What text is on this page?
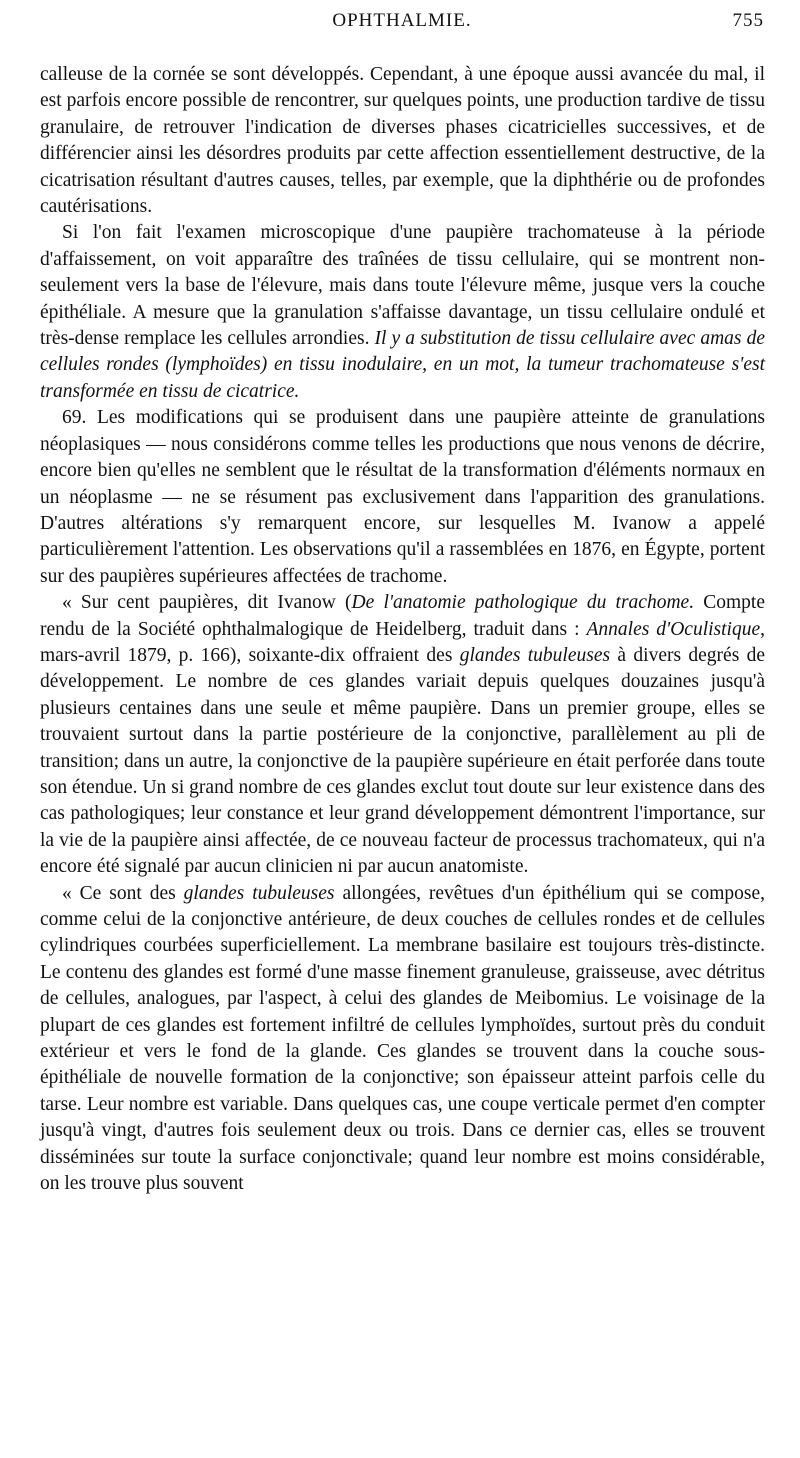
OPHTHALMIE.	755

calleuse de la cornée se sont développés. Cependant, à une époque aussi avancée du mal, il est parfois encore possible de rencontrer, sur quelques points, une production tardive de tissu granulaire, de retrouver l'indication de diverses phases cicatricielles successives, et de différencier ainsi les désordres produits par cette affection essentiellement destructive, de la cicatrisation résultant d'autres causes, telles, par exemple, que la diphthérie ou de profondes cautérisations.

Si l'on fait l'examen microscopique d'une paupière trachomateuse à la période d'affaissement, on voit apparaître des traînées de tissu cellulaire, qui se montrent non-seulement vers la base de l'élevure, mais dans toute l'élevure même, jusque vers la couche épithéliale. A mesure que la granulation s'affaisse davantage, un tissu cellulaire ondulé et très-dense remplace les cellules arrondies. Il y a substitution de tissu cellulaire avec amas de cellules rondes (lymphoïdes) en tissu inodulaire, en un mot, la tumeur trachomateuse s'est transformée en tissu de cicatrice.

69. Les modifications qui se produisent dans une paupière atteinte de granulations néoplasiques — nous considérons comme telles les productions que nous venons de décrire, encore bien qu'elles ne semblent que le résultat de la transformation d'éléments normaux en un néoplasme — ne se résument pas exclusivement dans l'apparition des granulations. D'autres altérations s'y remarquent encore, sur lesquelles M. Ivanow a appelé particulièrement l'attention. Les observations qu'il a rassemblées en 1876, en Égypte, portent sur des paupières supérieures affectées de trachome.

« Sur cent paupières, dit Ivanow (De l'anatomie pathologique du trachome. Compte rendu de la Société ophthalmalogique de Heidelberg, traduit dans : Annales d'Oculistique, mars-avril 1879, p. 166), soixante-dix offraient des glandes tubuleuses à divers degrés de développement. Le nombre de ces glandes variait depuis quelques douzaines jusqu'à plusieurs centaines dans une seule et même paupière. Dans un premier groupe, elles se trouvaient surtout dans la partie postérieure de la conjonctive, parallèlement au pli de transition; dans un autre, la conjonctive de la paupière supérieure en était perforée dans toute son étendue. Un si grand nombre de ces glandes exclut tout doute sur leur existence dans des cas pathologiques; leur constance et leur grand développement démontrent l'importance, sur la vie de la paupière ainsi affectée, de ce nouveau facteur de processus trachomateux, qui n'a encore été signalé par aucun clinicien ni par aucun anatomiste.

« Ce sont des glandes tubuleuses allongées, revêtues d'un épithélium qui se compose, comme celui de la conjonctive antérieure, de deux couches de cellules rondes et de cellules cylindriques courbées superficiellement. La membrane basilaire est toujours très-distincte. Le contenu des glandes est formé d'une masse finement granuleuse, graisseuse, avec détritus de cellules, analogues, par l'aspect, à celui des glandes de Meibomius. Le voisinage de la plupart de ces glandes est fortement infiltré de cellules lymphoïdes, surtout près du conduit extérieur et vers le fond de la glande. Ces glandes se trouvent dans la couche sous-épithéliale de nouvelle formation de la conjonctive; son épaisseur atteint parfois celle du tarse. Leur nombre est variable. Dans quelques cas, une coupe verticale permet d'en compter jusqu'à vingt, d'autres fois seulement deux ou trois. Dans ce dernier cas, elles se trouvent disséminées sur toute la surface conjonctivale; quand leur nombre est moins considérable, on les trouve plus souvent
